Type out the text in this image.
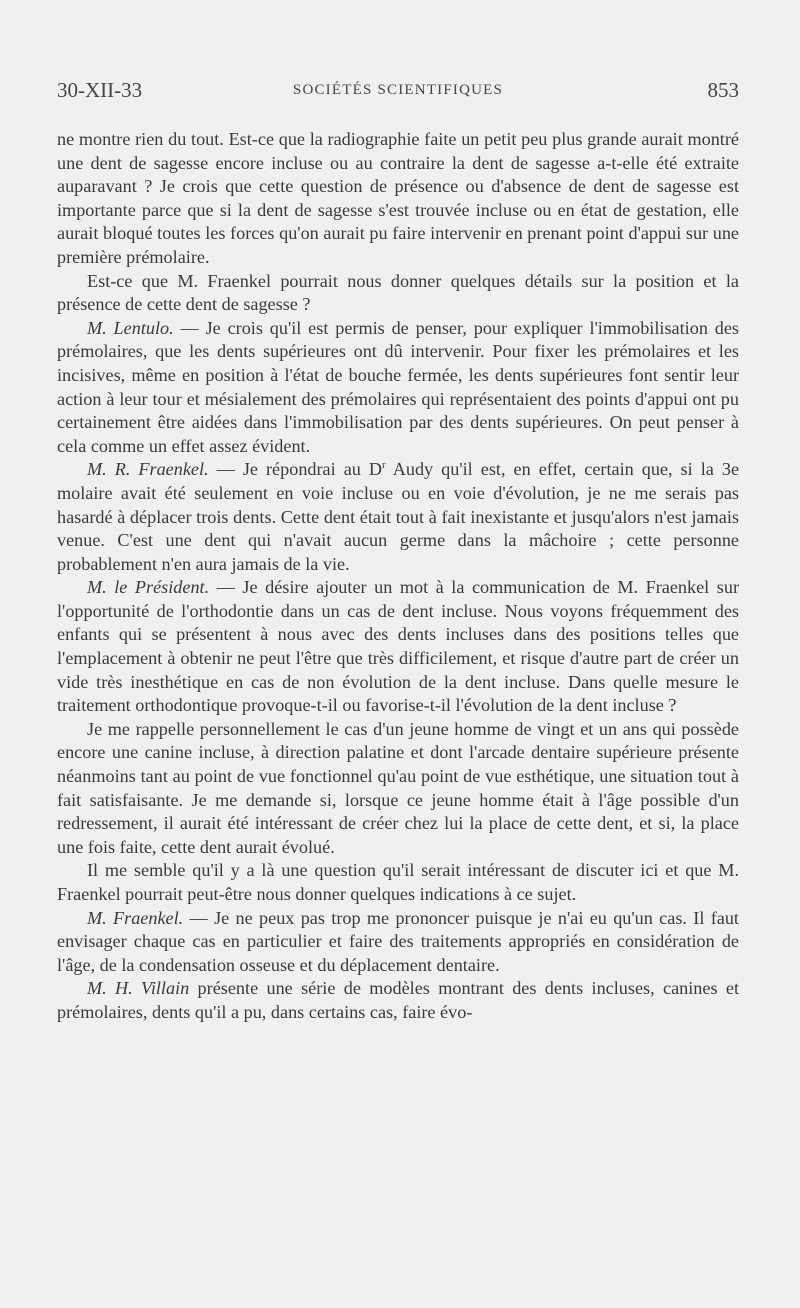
30-XII-33	SOCIÉTÉS SCIENTIFIQUES	853

ne montre rien du tout. Est-ce que la radiographie faite un petit peu plus grande aurait montré une dent de sagesse encore incluse ou au contraire la dent de sagesse a-t-elle été extraite auparavant ? Je crois que cette question de présence ou d'absence de dent de sagesse est importante parce que si la dent de sagesse s'est trouvée incluse ou en état de gestation, elle aurait bloqué toutes les forces qu'on aurait pu faire intervenir en prenant point d'appui sur une première prémolaire.

Est-ce que M. Fraenkel pourrait nous donner quelques détails sur la position et la présence de cette dent de sagesse ?

M. Lentulo. — Je crois qu'il est permis de penser, pour expliquer l'immobilisation des prémolaires, que les dents supérieures ont dû intervenir. Pour fixer les prémolaires et les incisives, même en position à l'état de bouche fermée, les dents supérieures font sentir leur action à leur tour et mésialement des prémolaires qui représentaient des points d'appui ont pu certainement être aidées dans l'immobilisation par des dents supérieures. On peut penser à cela comme un effet assez évident.

M. R. Fraenkel. — Je répondrai au $D^r$ Audy qu'il est, en effet, certain que, si la 3e molaire avait été seulement en voie incluse ou en voie d'évolution, je ne me serais pas hasardé à déplacer trois dents. Cette dent était tout à fait inexistante et jusqu'alors n'est jamais venue. C'est une dent qui n'avait aucun germe dans la mâchoire ; cette personne probablement n'en aura jamais de la vie.

M. le Président. — Je désire ajouter un mot à la communication de M. Fraenkel sur l'opportunité de l'orthodontie dans un cas de dent incluse. Nous voyons fréquemment des enfants qui se présentent à nous avec des dents incluses dans des positions telles que l'emplacement à obtenir ne peut l'être que très difficilement, et risque d'autre part de créer un vide très inesthétique en cas de non évolution de la dent incluse. Dans quelle mesure le traitement orthodontique provoque-t-il ou favorise-t-il l'évolution de la dent incluse ?

Je me rappelle personnellement le cas d'un jeune homme de vingt et un ans qui possède encore une canine incluse, à direction palatine et dont l'arcade dentaire supérieure présente néanmoins tant au point de vue fonctionnel qu'au point de vue esthétique, une situation tout à fait satisfaisante. Je me demande si, lorsque ce jeune homme était à l'âge possible d'un redressement, il aurait été intéressant de créer chez lui la place de cette dent, et si, la place une fois faite, cette dent aurait évolué.

Il me semble qu'il y a là une question qu'il serait intéressant de discuter ici et que M. Fraenkel pourrait peut-être nous donner quelques indications à ce sujet.

M. Fraenkel. — Je ne peux pas trop me prononcer puisque je n'ai eu qu'un cas. Il faut envisager chaque cas en particulier et faire des traitements appropriés en considération de l'âge, de la condensation osseuse et du déplacement dentaire.

M. H. Villain présente une série de modèles montrant des dents incluses, canines et prémolaires, dents qu'il a pu, dans certains cas, faire évo-
